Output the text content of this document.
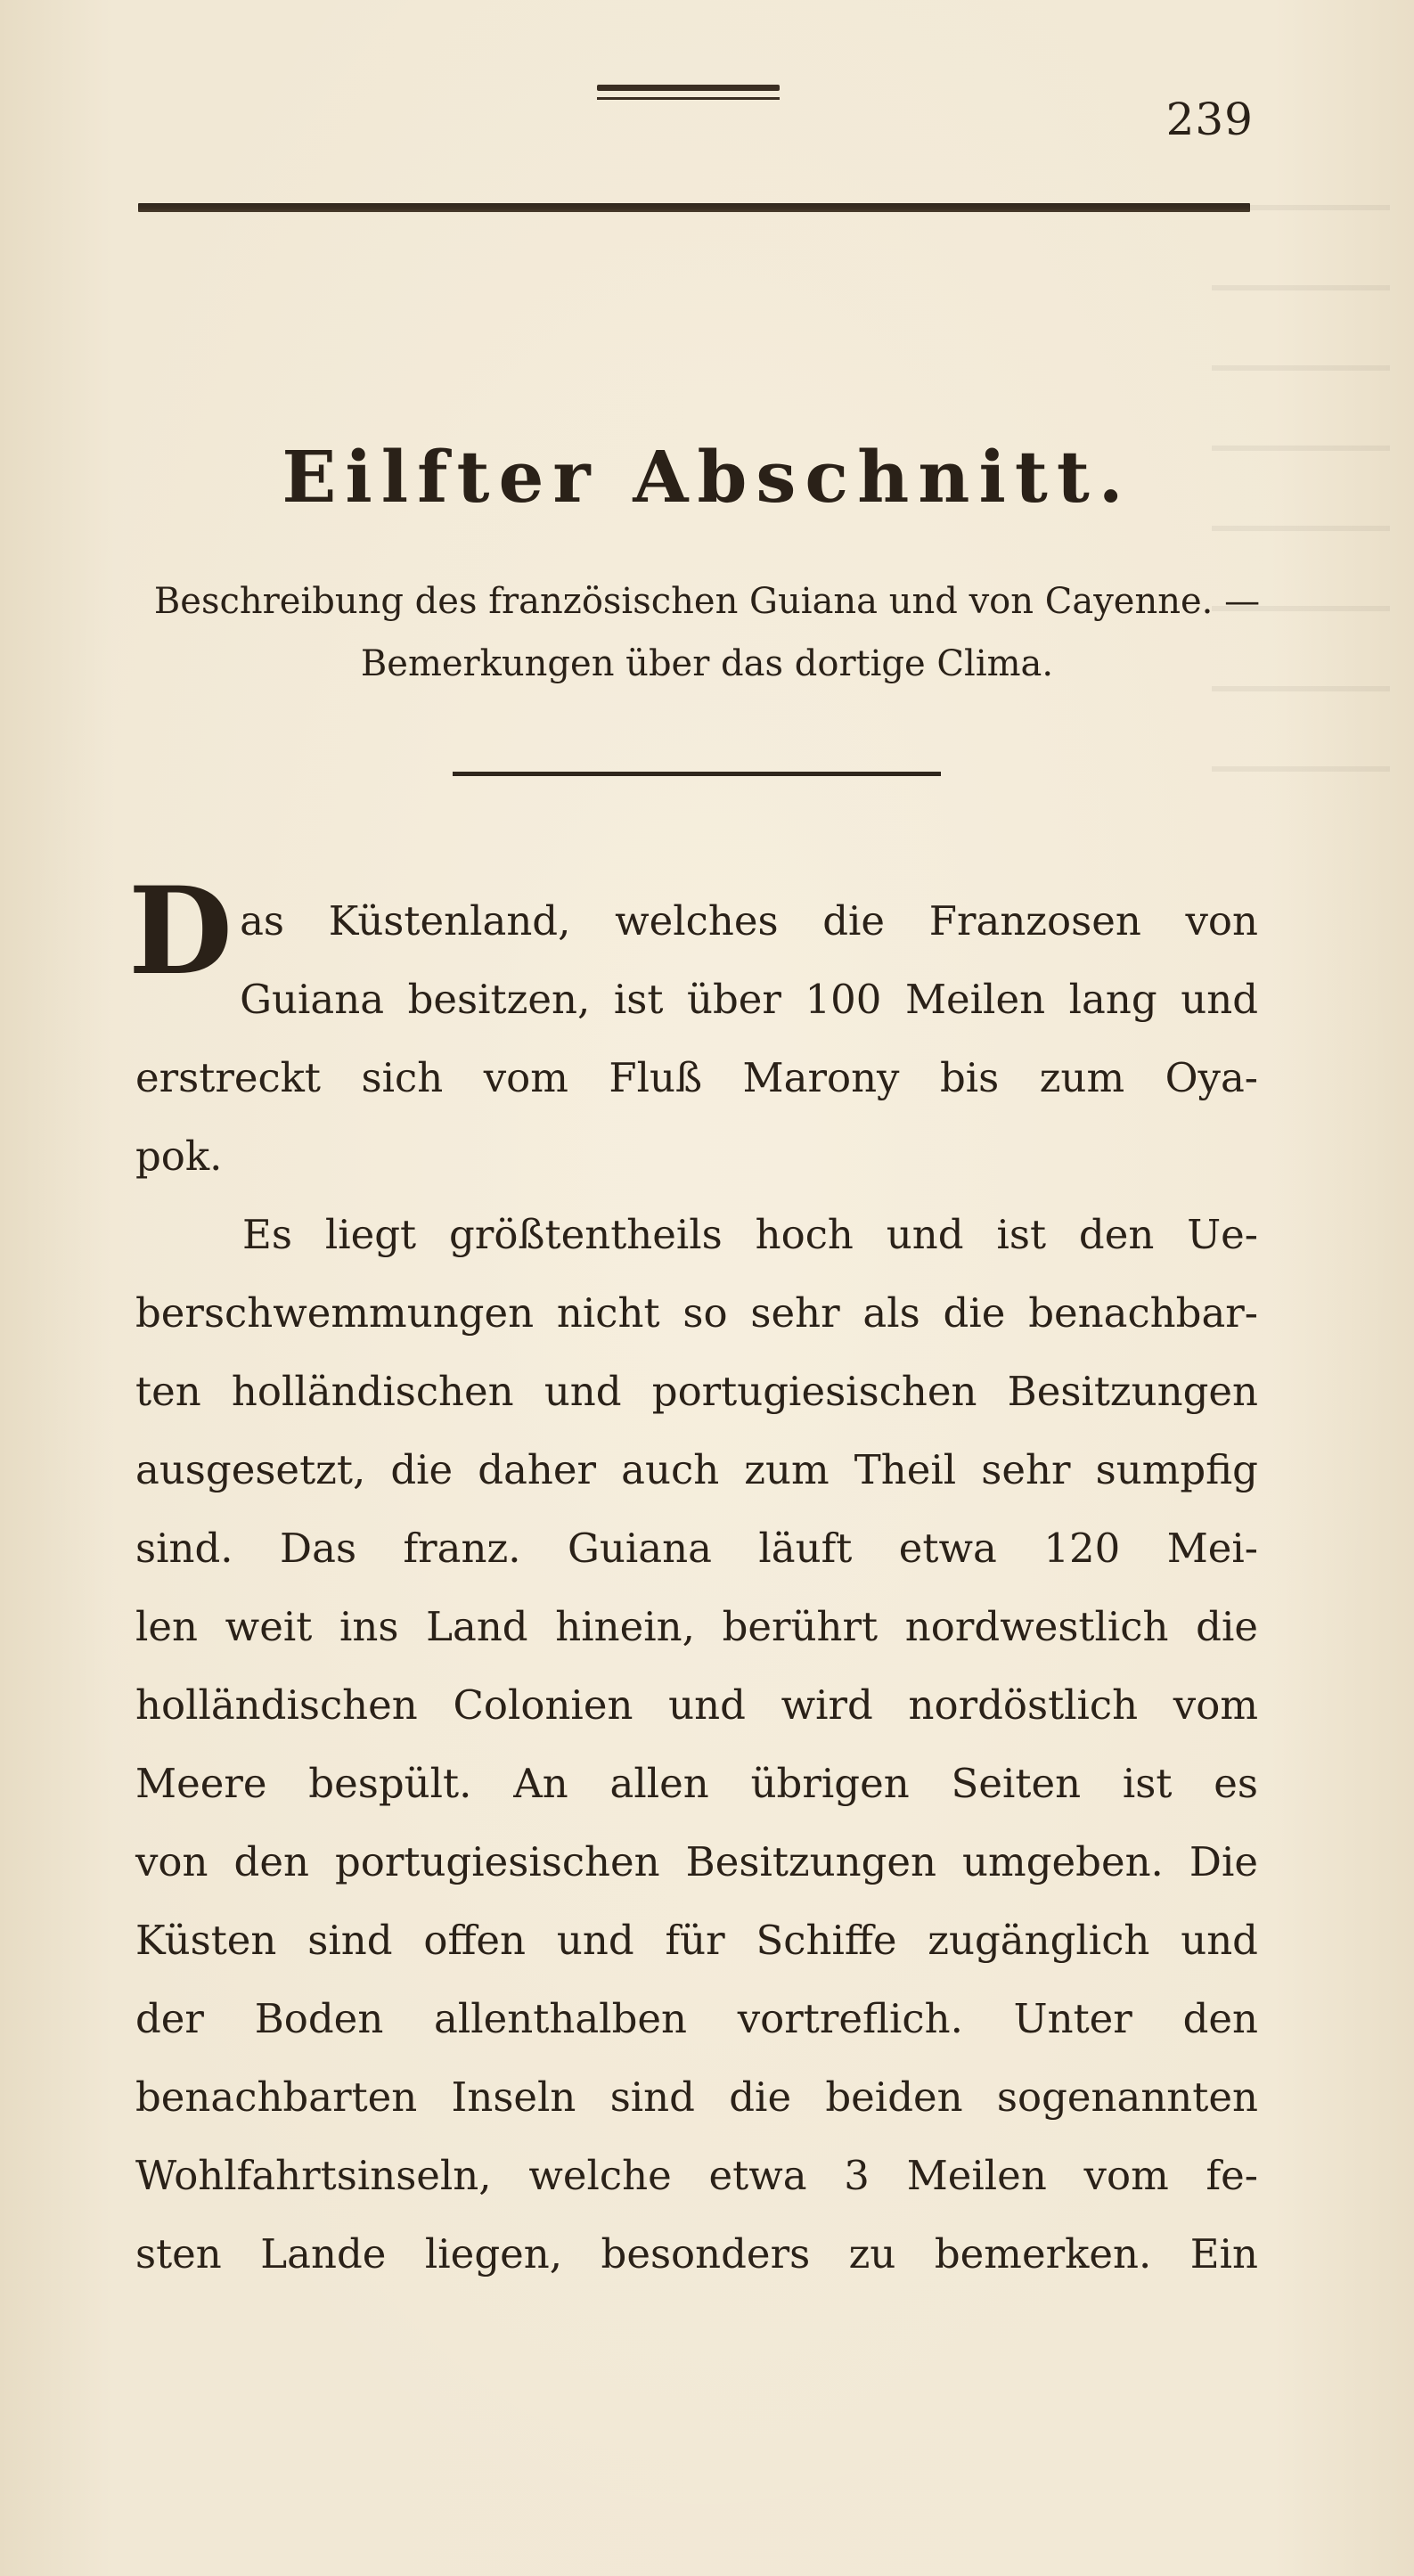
239
Eilfter Abschnitt.

Beschreibung des französischen Guiana und von Cayenne. —

Bemerkungen über das dortige Clima.

Das Küstenland, welches die Franzosen von
Guiana besitzen, ist über 100 Meilen lang und
erstreckt sich vom Fluß Marony bis zum Oya-
pok.
Es liegt größtentheils hoch und ist den Ue-
berschwemmungen nicht so sehr als die benachbar-
ten holländischen und portugiesischen Besitzungen
ausgesetzt, die daher auch zum Theil sehr sumpfig
sind. Das franz. Guiana läuft etwa 120 Mei-
len weit ins Land hinein, berührt nordwestlich die
holländischen Colonien und wird nordöstlich vom
Meere bespült. An allen übrigen Seiten ist es
von den portugiesischen Besitzungen umgeben. Die
Küsten sind offen und für Schiffe zugänglich und
der Boden allenthalben vortreflich. Unter den
benachbarten Inseln sind die beiden sogenannten
Wohlfahrtsinseln, welche etwa 3 Meilen vom fe-
sten Lande liegen, besonders zu bemerken. Ein
